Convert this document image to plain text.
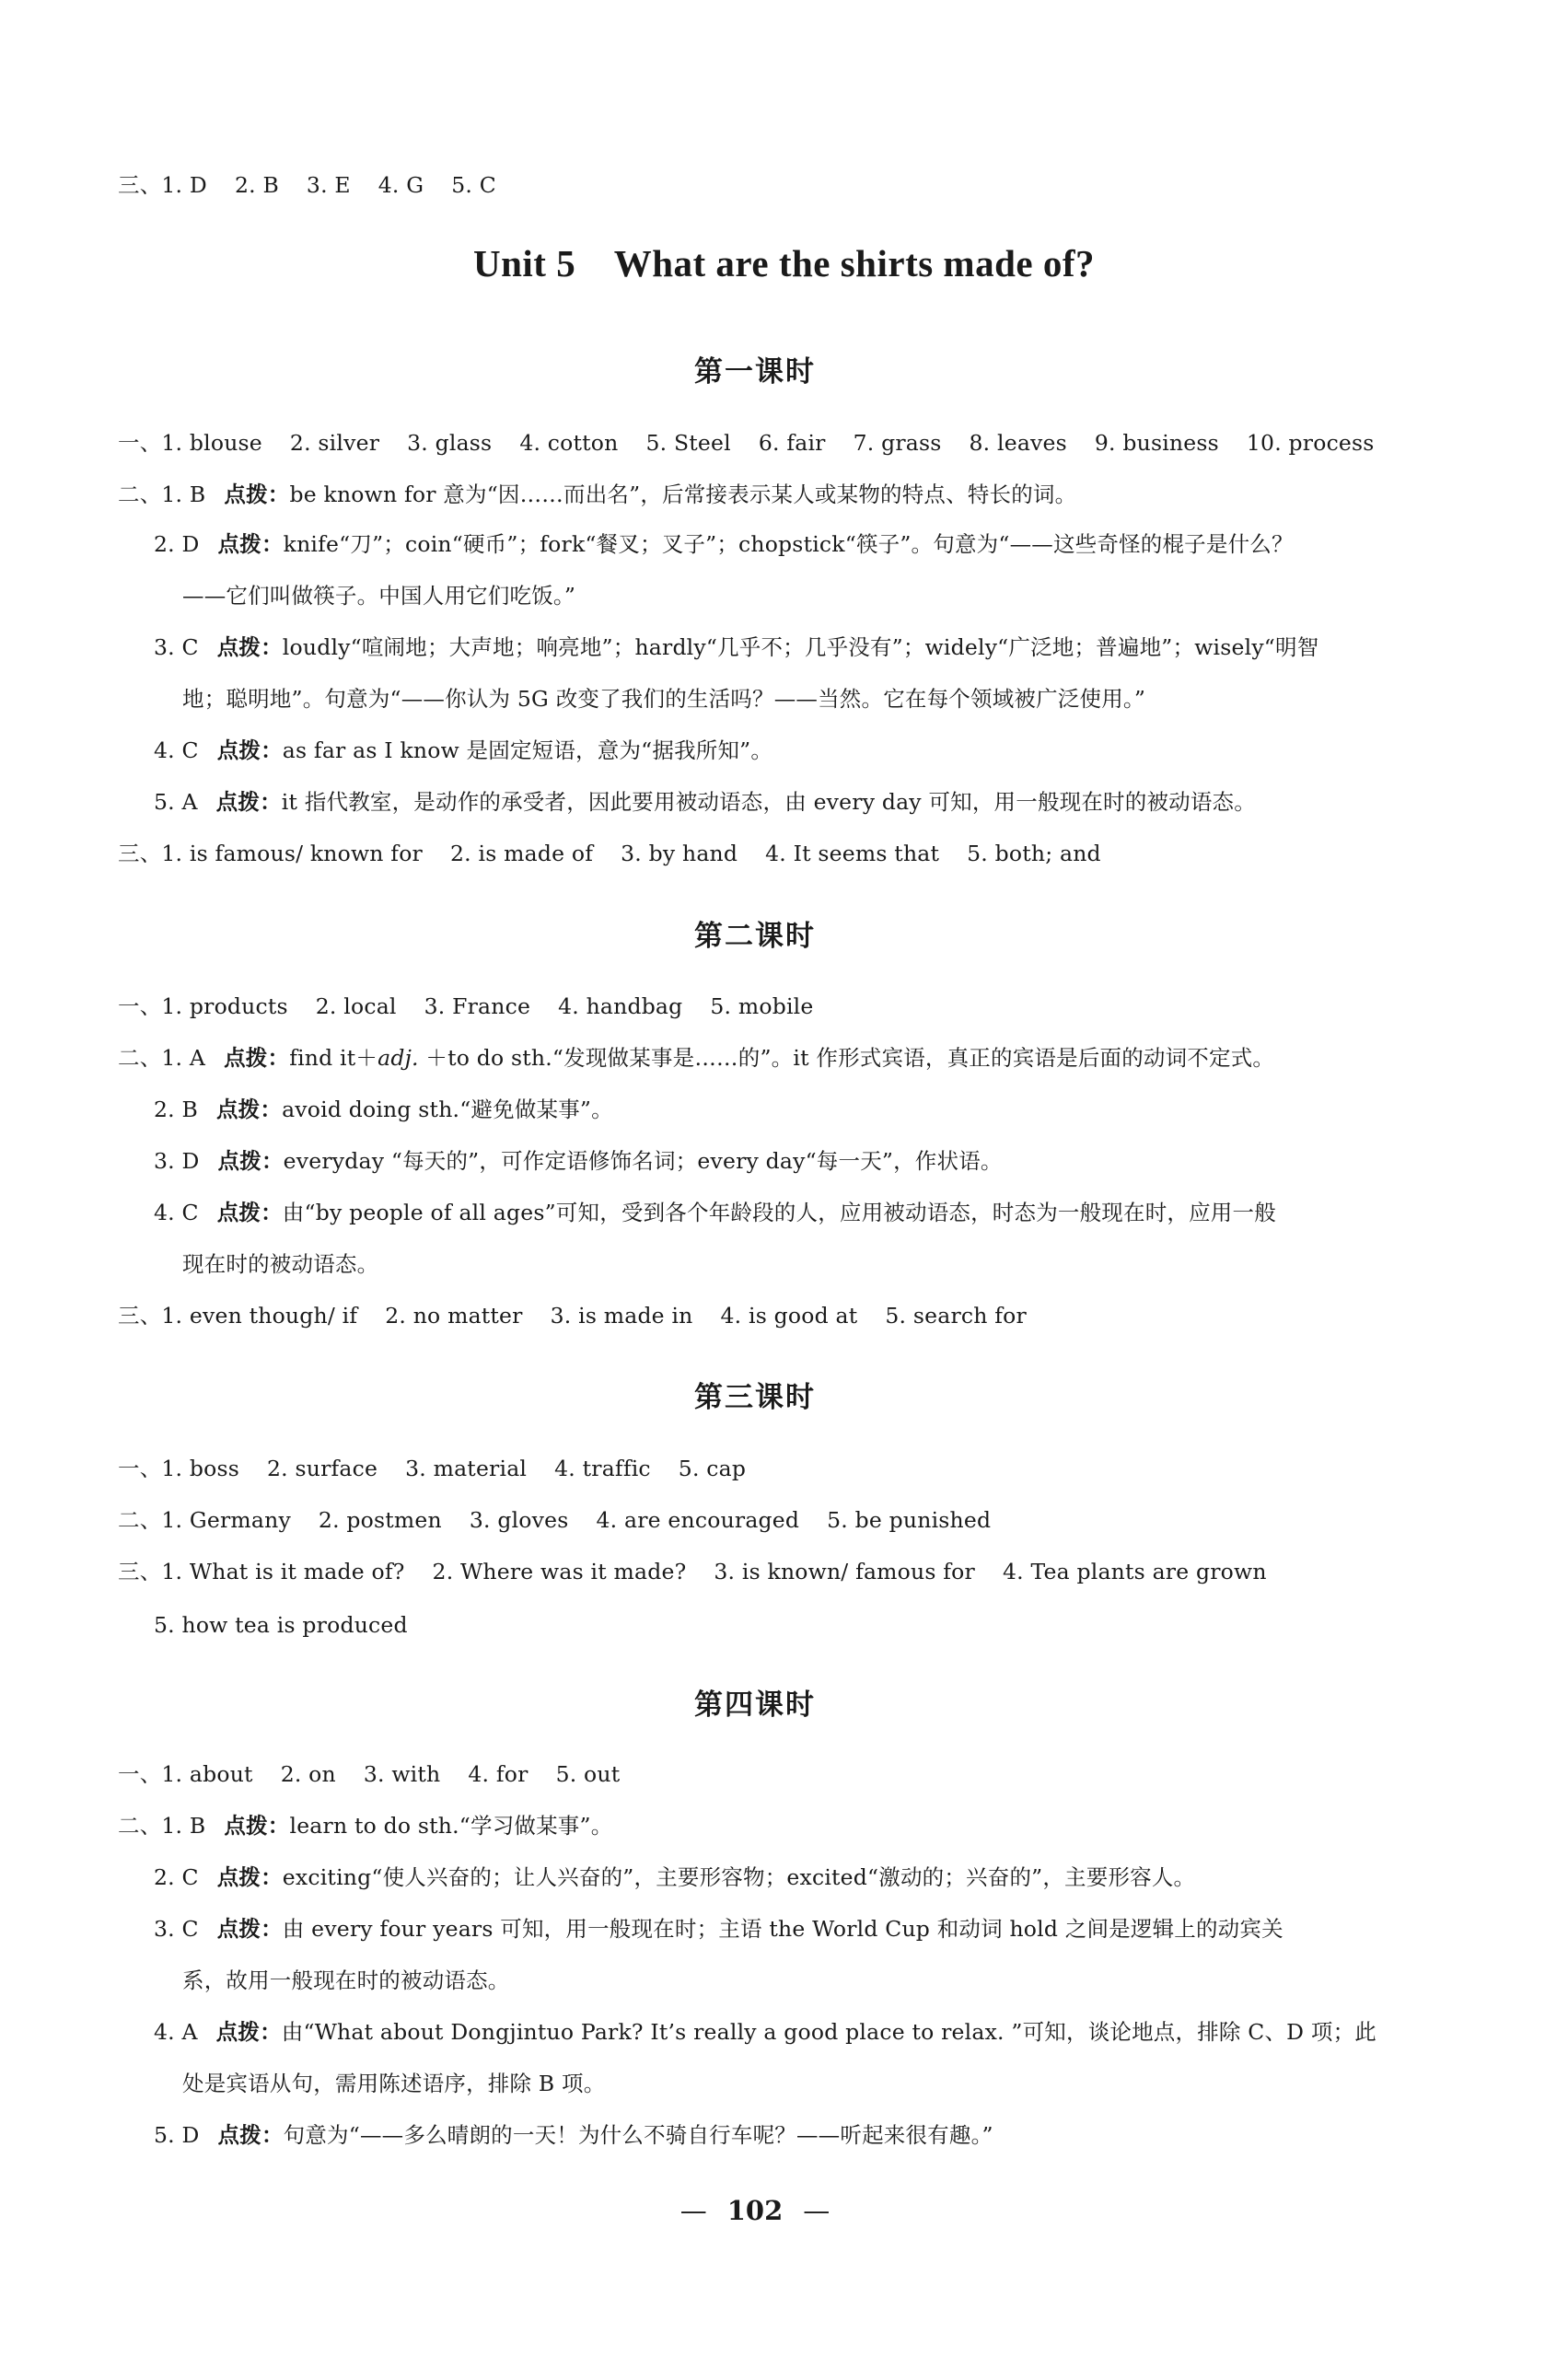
三、1. D 2. B 3. E 4. G 5. C
Unit 5 What are the shirts made of?
第一课时
一、1. blouse 2. silver 3. glass 4. cotton 5. Steel 6. fair 7. grass 8. leaves 9. business 10. process
二、1. B 点拨：be known for 意为“因……而出名”，后常接表示某人或某物的特点、特长的词。
2. D 点拨：knife“刀”；coin“硬币”；fork“餐叉；叉子”；chopstick“筷子”。句意为“——这些奇怪的棍子是什么？
——它们叫做筷子。中国人用它们吃饭。”
3. C 点拨：loudly“喧闹地；大声地；响亮地”；hardly“几乎不；几乎没有”；widely“广泛地；普遍地”；wisely“明智
地；聪明地”。句意为“——你认为 5G 改变了我们的生活吗？——当然。它在每个领域被广泛使用。”
4. C 点拨：as far as I know 是固定短语，意为“据我所知”。
5. A 点拨：it 指代教室，是动作的承受者，因此要用被动语态，由 every day 可知，用一般现在时的被动语态。
三、1. is famous/ known for 2. is made of 3. by hand 4. It seems that 5. both; and
第二课时
一、1. products 2. local 3. France 4. handbag 5. mobile
二、1. A 点拨：find it＋adj. ＋to do sth.“发现做某事是……的”。it 作形式宾语，真正的宾语是后面的动词不定式。
2. B 点拨：avoid doing sth.“避免做某事”。
3. D 点拨：everyday “每天的”，可作定语修饰名词；every day“每一天”，作状语。
4. C 点拨：由“by people of all ages”可知，受到各个年龄段的人，应用被动语态，时态为一般现在时，应用一般
现在时的被动语态。
三、1. even though/ if 2. no matter 3. is made in 4. is good at 5. search for
第三课时
一、1. boss 2. surface 3. material 4. traffic 5. cap
二、1. Germany 2. postmen 3. gloves 4. are encouraged 5. be punished
三、1. What is it made of? 2. Where was it made? 3. is known/ famous for 4. Tea plants are grown
5. how tea is produced
第四课时
一、1. about 2. on 3. with 4. for 5. out
二、1. B 点拨：learn to do sth.“学习做某事”。
2. C 点拨：exciting“使人兴奋的；让人兴奋的”，主要形容物；excited“激动的；兴奋的”，主要形容人。
3. C 点拨：由 every four years 可知，用一般现在时；主语 the World Cup 和动词 hold 之间是逻辑上的动宾关
系，故用一般现在时的被动语态。
4. A 点拨：由“What about Dongjintuo Park? It’s really a good place to relax. ”可知，谈论地点，排除 C、D 项；此
处是宾语从句，需用陈述语序，排除 B 项。
5. D 点拨：句意为“——多么晴朗的一天！为什么不骑自行车呢？——听起来很有趣。”
— 102 —
